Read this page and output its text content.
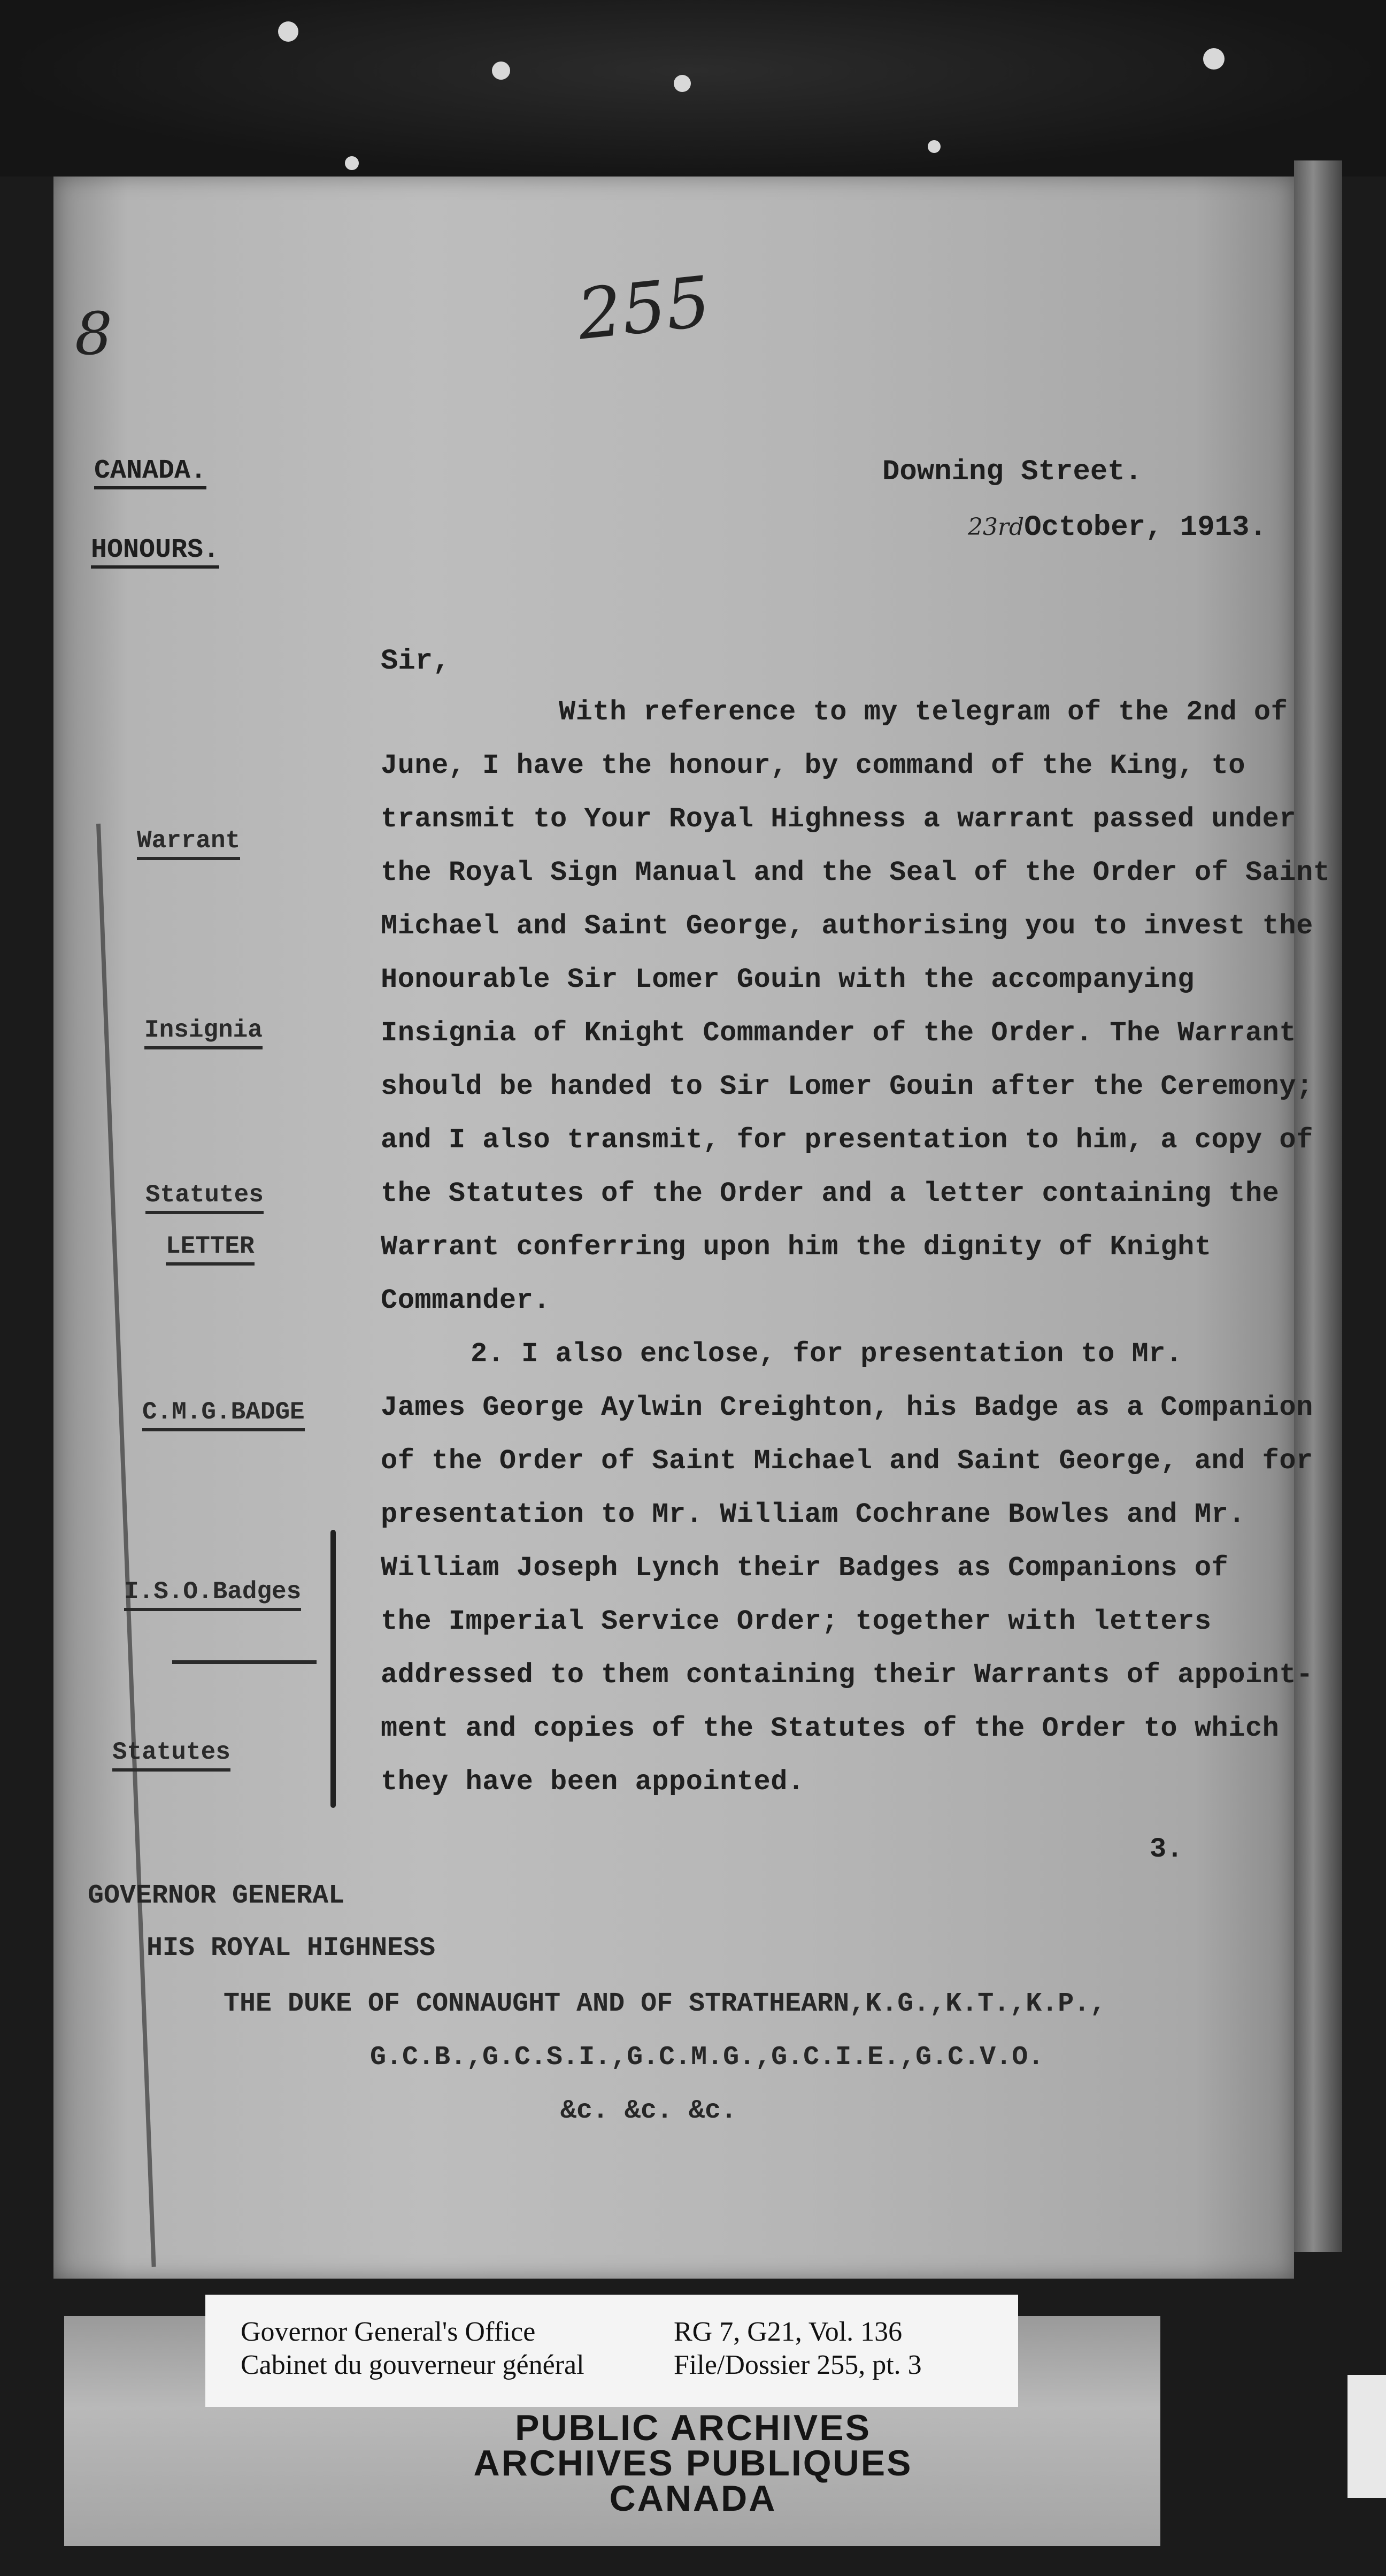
255
8
CANADA.
HONOURS.
Downing Street.
23rdOctober, 1913.
Sir,
With reference to my telegram of the 2nd of
June, I have the honour, by command of the King, to
transmit to Your Royal Highness a warrant passed under
the Royal Sign Manual and the Seal of the Order of Saint
Michael and Saint George, authorising you to invest the
Honourable Sir Lomer Gouin with the accompanying
Insignia of Knight Commander of the Order. The Warrant
should be handed to Sir Lomer Gouin after the Ceremony;
and I also transmit, for presentation to him, a copy of
the Statutes of the Order and a letter containing the
Warrant conferring upon him the dignity of Knight
Commander.
2. I also enclose, for presentation to Mr.
James George Aylwin Creighton, his Badge as a Companion
of the Order of Saint Michael and Saint George, and for
presentation to Mr. William Cochrane Bowles and Mr.
William Joseph Lynch their Badges as Companions of
the Imperial Service Order; together with letters
addressed to them containing their Warrants of appoint-
ment and copies of the Statutes of the Order to which
they have been appointed.
Warrant
Insignia
Statutes
LETTER
C.M.G.BADGE
I.S.O.Badges
Statutes
3.
GOVERNOR GENERAL
HIS ROYAL HIGHNESS
THE DUKE OF CONNAUGHT AND OF STRATHEARN,K.G.,K.T.,K.P.,
G.C.B.,G.C.S.I.,G.C.M.G.,G.C.I.E.,G.C.V.O.
&c. &c. &c.
Governor General's Office
Cabinet du gouverneur général
RG 7, G21, Vol. 136
File/Dossier 255, pt. 3
PUBLIC ARCHIVES
ARCHIVES PUBLIQUES
CANADA
